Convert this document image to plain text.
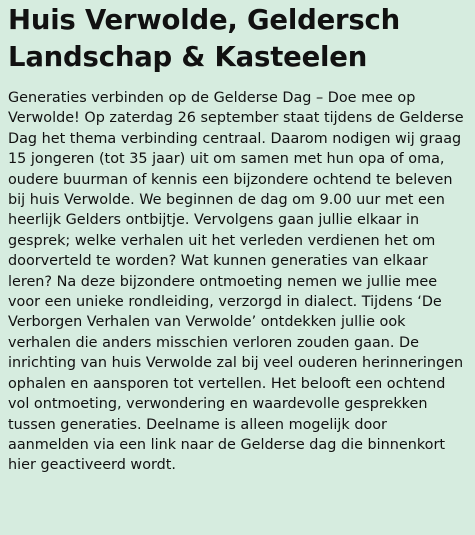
Huis Verwolde, Geldersch Landschap & Kasteelen

Generaties verbinden op de Gelderse Dag – Doe mee op Verwolde! Op zaterdag 26 september staat tijdens de Gelderse Dag het thema verbinding centraal. Daarom nodigen wij graag 15 jongeren (tot 35 jaar) uit om samen met hun opa of oma, oudere buurman of kennis een bijzondere ochtend te beleven bij huis Verwolde. We beginnen de dag om 9.00 uur met een heerlijk Gelders ontbijtje. Vervolgens gaan jullie elkaar in gesprek; welke verhalen uit het verleden verdienen het om doorverteld te worden? Wat kunnen generaties van elkaar leren? Na deze bijzondere ontmoeting nemen we jullie mee voor een unieke rondleiding, verzorgd in dialect. Tijdens ‘De Verborgen Verhalen van Verwolde’ ontdekken jullie ook verhalen die anders misschien verloren zouden gaan. De inrichting van huis Verwolde zal bij veel ouderen herinneringen ophalen en aansporen tot vertellen. Het belooft een ochtend vol ontmoeting, verwondering en waardevolle gesprekken tussen generaties. Deelname is alleen mogelijk door aanmelden via een link naar de Gelderse dag die binnenkort hier geactiveerd wordt.
